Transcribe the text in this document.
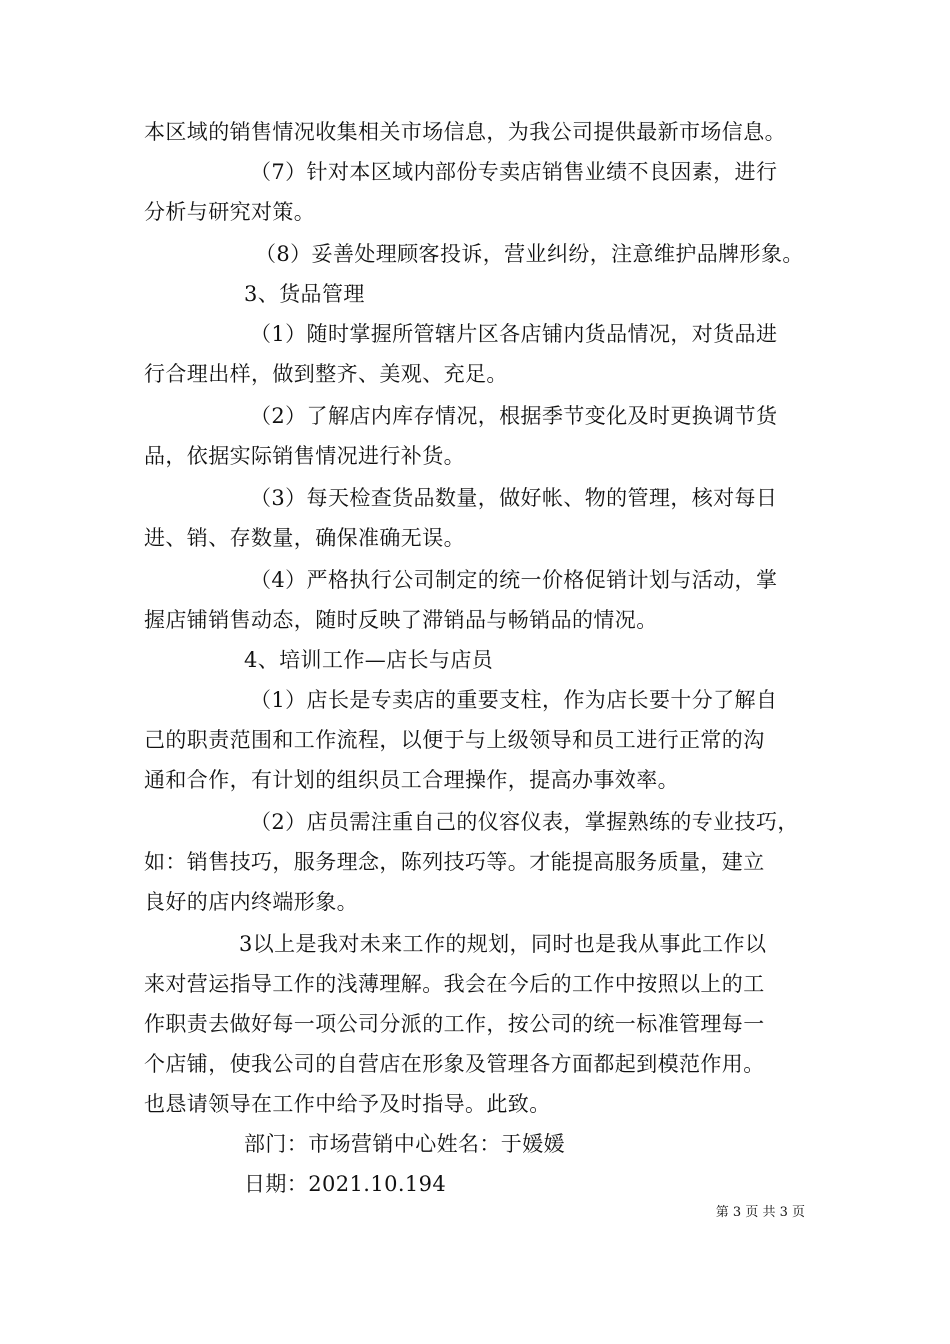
本区域的销售情况收集相关市场信息，为我公司提供最新市场信息。
（7）针对本区域内部份专卖店销售业绩不良因素，进行
分析与研究对策。
（8）妥善处理顾客投诉，营业纠纷，注意维护品牌形象。
3、货品管理
（1）随时掌握所管辖片区各店铺内货品情况，对货品进
行合理出样，做到整齐、美观、充足。
（2）了解店内库存情况，根据季节变化及时更换调节货
品，依据实际销售情况进行补货。
（3）每天检查货品数量，做好帐、物的管理，核对每日
进、销、存数量，确保准确无误。
（4）严格执行公司制定的统一价格促销计划与活动，掌
握店铺销售动态，随时反映了滞销品与畅销品的情况。
4、培训工作—店长与店员
（1）店长是专卖店的重要支柱，作为店长要十分了解自
己的职责范围和工作流程，以便于与上级领导和员工进行正常的沟
通和合作，有计划的组织员工合理操作，提高办事效率。
（2）店员需注重自己的仪容仪表，掌握熟练的专业技巧，
如：销售技巧，服务理念，陈列技巧等。才能提高服务质量，建立
良好的店内终端形象。
3以上是我对未来工作的规划，同时也是我从事此工作以
来对营运指导工作的浅薄理解。我会在今后的工作中按照以上的工
作职责去做好每一项公司分派的工作，按公司的统一标准管理每一
个店铺，使我公司的自营店在形象及管理各方面都起到模范作用。
也恳请领导在工作中给予及时指导。此致。
部门：市场营销中心姓名：于媛媛
日期：2021.10.194
第 3 页 共 3 页
